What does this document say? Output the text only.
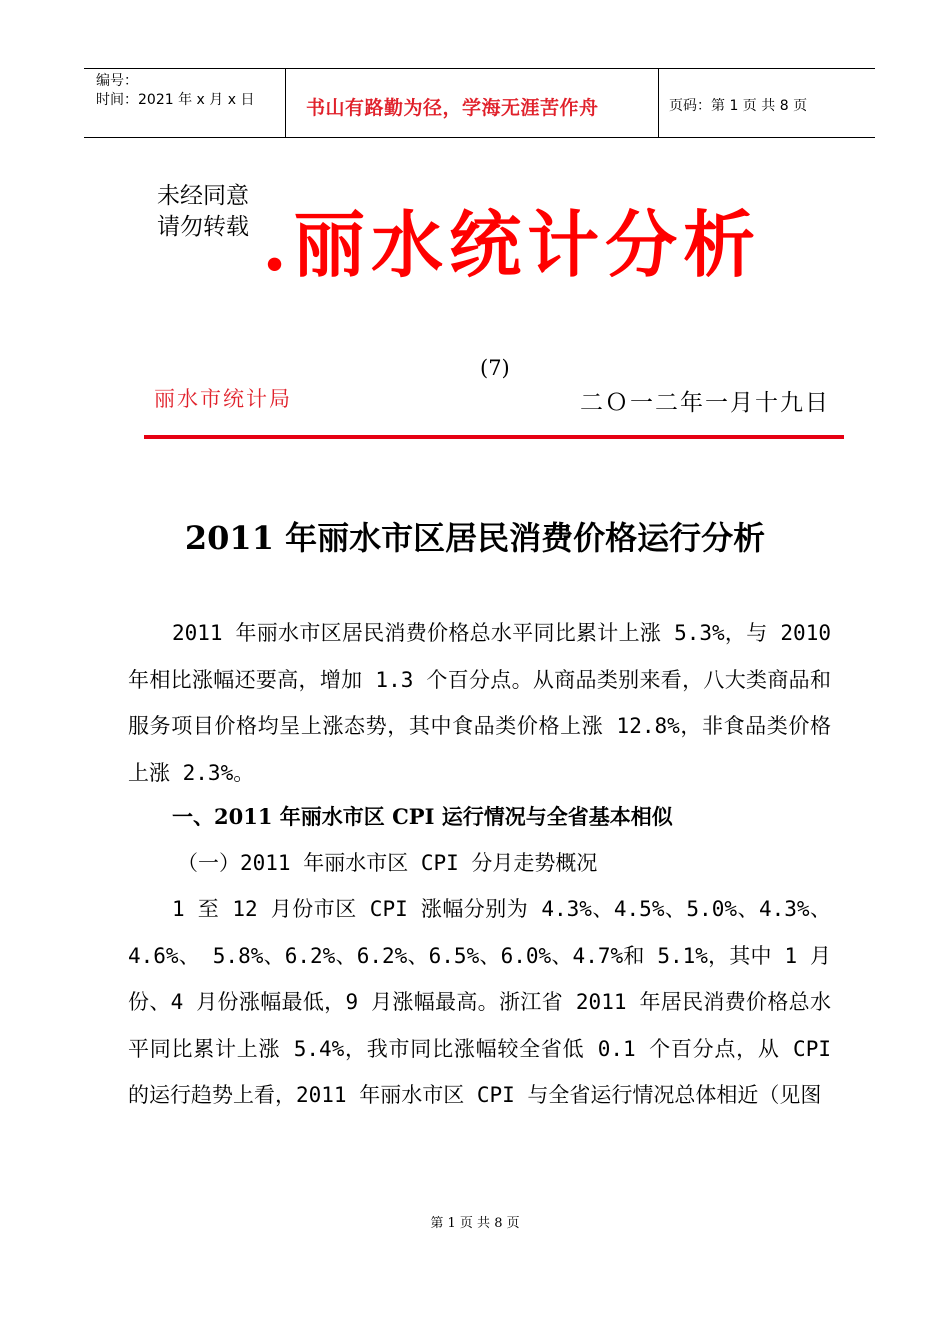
编号：
时间：2021 年 x 月 x 日	书山有路勤为径，学海无涯苦作舟	页码：第 1 页 共 8 页
未经同意
请勿转载 .丽水统计分析
(7)
丽水市统计局	二Ｏ一二年一月十九日
2011 年丽水市区居民消费价格运行分析

2011 年丽水市区居民消费价格总水平同比累计上涨 5.3%，与 2010 年相比涨幅还要高，增加 1.3 个百分点。从商品类别来看，八大类商品和服务项目价格均呈上涨态势，其中食品类价格上涨 12.8%，非食品类价格上涨 2.3%。

一、2011 年丽水市区 CPI 运行情况与全省基本相似
（一）2011 年丽水市区 CPI 分月走势概况

1 至 12 月份市区 CPI 涨幅分别为 4.3%、4.5%、5.0%、4.3%、4.6%、 5.8%、6.2%、6.2%、6.5%、6.0%、4.7%和 5.1%，其中 1 月份、4 月份涨幅最低，9 月涨幅最高。浙江省 2011 年居民消费价格总水平同比累计上涨 5.4%，我市同比涨幅较全省低 0.1 个百分点，从 CPI 的运行趋势上看，2011 年丽水市区 CPI 与全省运行情况总体相近（见图

第 1 页 共 8 页
